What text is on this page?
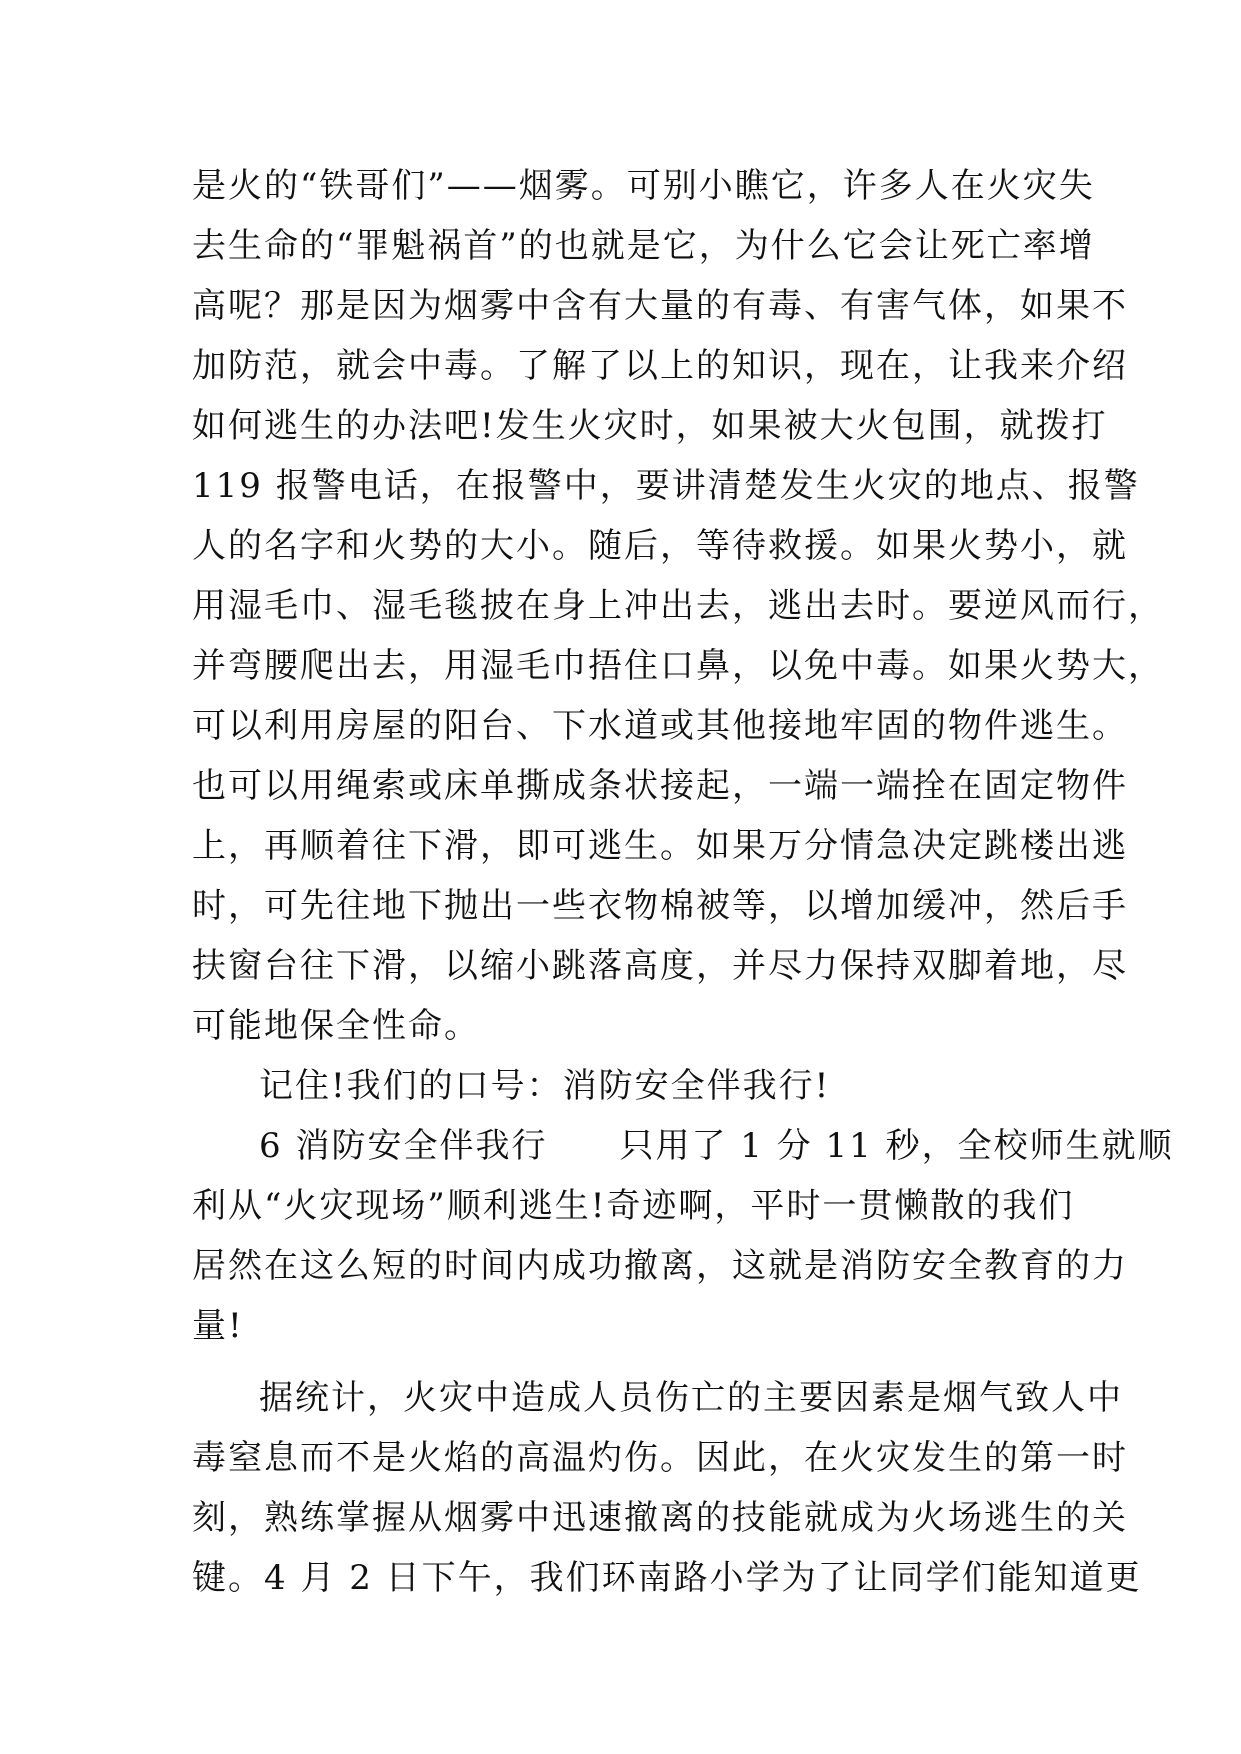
是火的“铁哥们”——烟雾。可别小瞧它，许多人在火灾失
去生命的“罪魁祸首”的也就是它，为什么它会让死亡率增
高呢？那是因为烟雾中含有大量的有毒、有害气体，如果不
加防范，就会中毒。了解了以上的知识，现在，让我来介绍
如何逃生的办法吧!发生火灾时，如果被大火包围，就拨打
119 报警电话，在报警中，要讲清楚发生火灾的地点、报警
人的名字和火势的大小。随后，等待救援。如果火势小，就
用湿毛巾、湿毛毯披在身上冲出去，逃出去时。要逆风而行，
并弯腰爬出去，用湿毛巾捂住口鼻，以免中毒。如果火势大，
可以利用房屋的阳台、下水道或其他接地牢固的物件逃生。
也可以用绳索或床单撕成条状接起，一端一端拴在固定物件
上，再顺着往下滑，即可逃生。如果万分情急决定跳楼出逃
时，可先往地下抛出一些衣物棉被等，以增加缓冲，然后手
扶窗台往下滑，以缩小跳落高度，并尽力保持双脚着地，尽
可能地保全性命。
记住!我们的口号：消防安全伴我行!
6 消防安全伴我行　　只用了 1 分 11 秒，全校师生就顺
利从“火灾现场”顺利逃生!奇迹啊，平时一贯懒散的我们
居然在这么短的时间内成功撤离，这就是消防安全教育的力
量!
据统计，火灾中造成人员伤亡的主要因素是烟气致人中
毒窒息而不是火焰的高温灼伤。因此，在火灾发生的第一时
刻，熟练掌握从烟雾中迅速撤离的技能就成为火场逃生的关
键。4 月 2 日下午，我们环南路小学为了让同学们能知道更
